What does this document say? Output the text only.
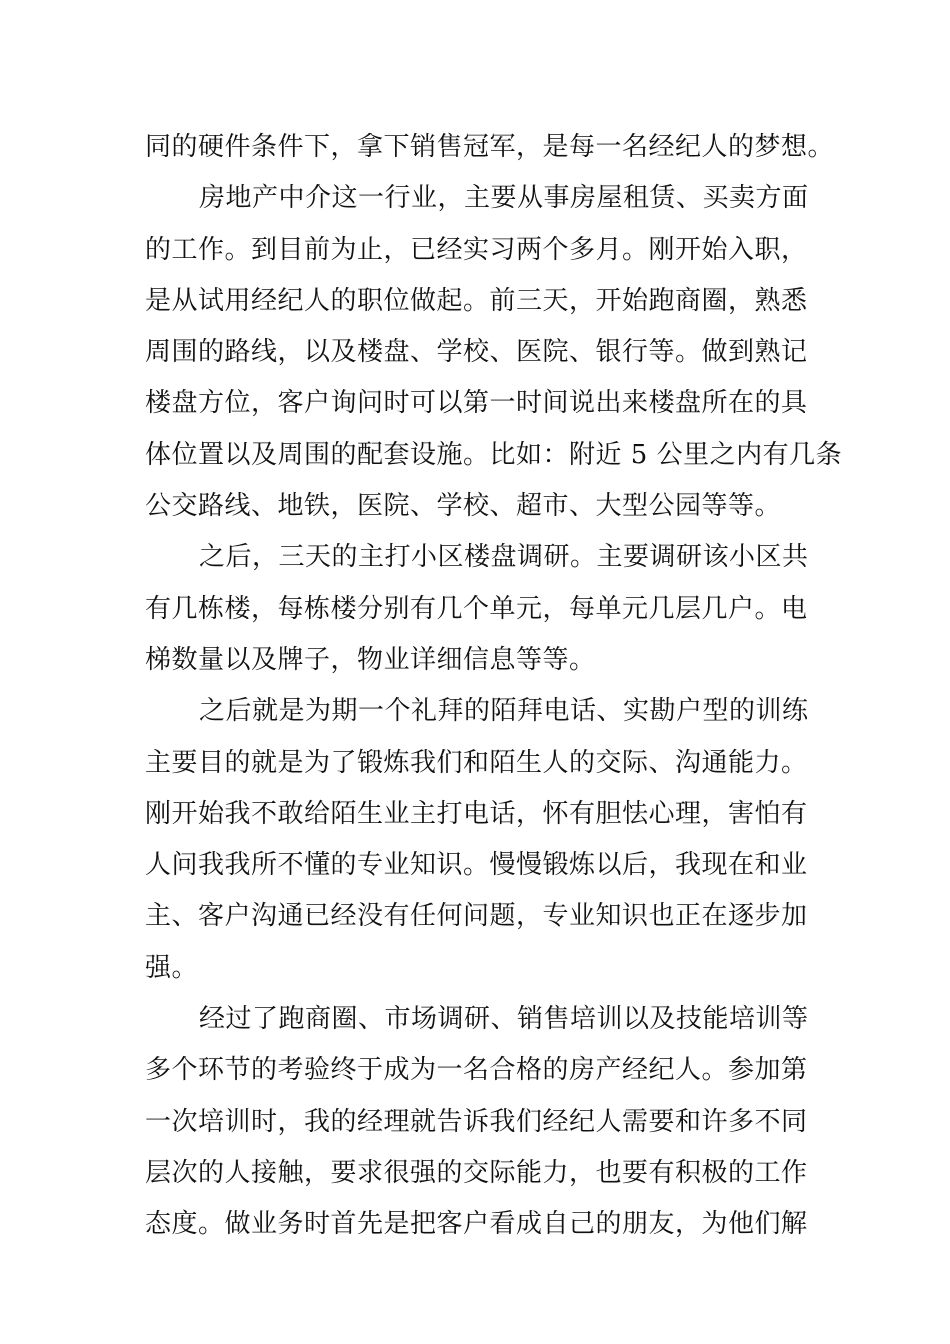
同的硬件条件下，拿下销售冠军，是每一名经纪人的梦想。
房地产中介这一行业，主要从事房屋租赁、买卖方面
的工作。到目前为止，已经实习两个多月。刚开始入职，
是从试用经纪人的职位做起。前三天，开始跑商圈，熟悉
周围的路线，以及楼盘、学校、医院、银行等。做到熟记
楼盘方位，客户询问时可以第一时间说出来楼盘所在的具
体位置以及周围的配套设施。比如：附近 5 公里之内有几条
公交路线、地铁，医院、学校、超市、大型公园等等。
之后，三天的主打小区楼盘调研。主要调研该小区共
有几栋楼，每栋楼分别有几个单元，每单元几层几户。电
梯数量以及牌子，物业详细信息等等。
之后就是为期一个礼拜的陌拜电话、实勘户型的训练
主要目的就是为了锻炼我们和陌生人的交际、沟通能力。
刚开始我不敢给陌生业主打电话，怀有胆怯心理，害怕有
人问我我所不懂的专业知识。慢慢锻炼以后，我现在和业
主、客户沟通已经没有任何问题，专业知识也正在逐步加
强。
经过了跑商圈、市场调研、销售培训以及技能培训等
多个环节的考验终于成为一名合格的房产经纪人。参加第
一次培训时，我的经理就告诉我们经纪人需要和许多不同
层次的人接触，要求很强的交际能力，也要有积极的工作
态度。做业务时首先是把客户看成自己的朋友，为他们解
